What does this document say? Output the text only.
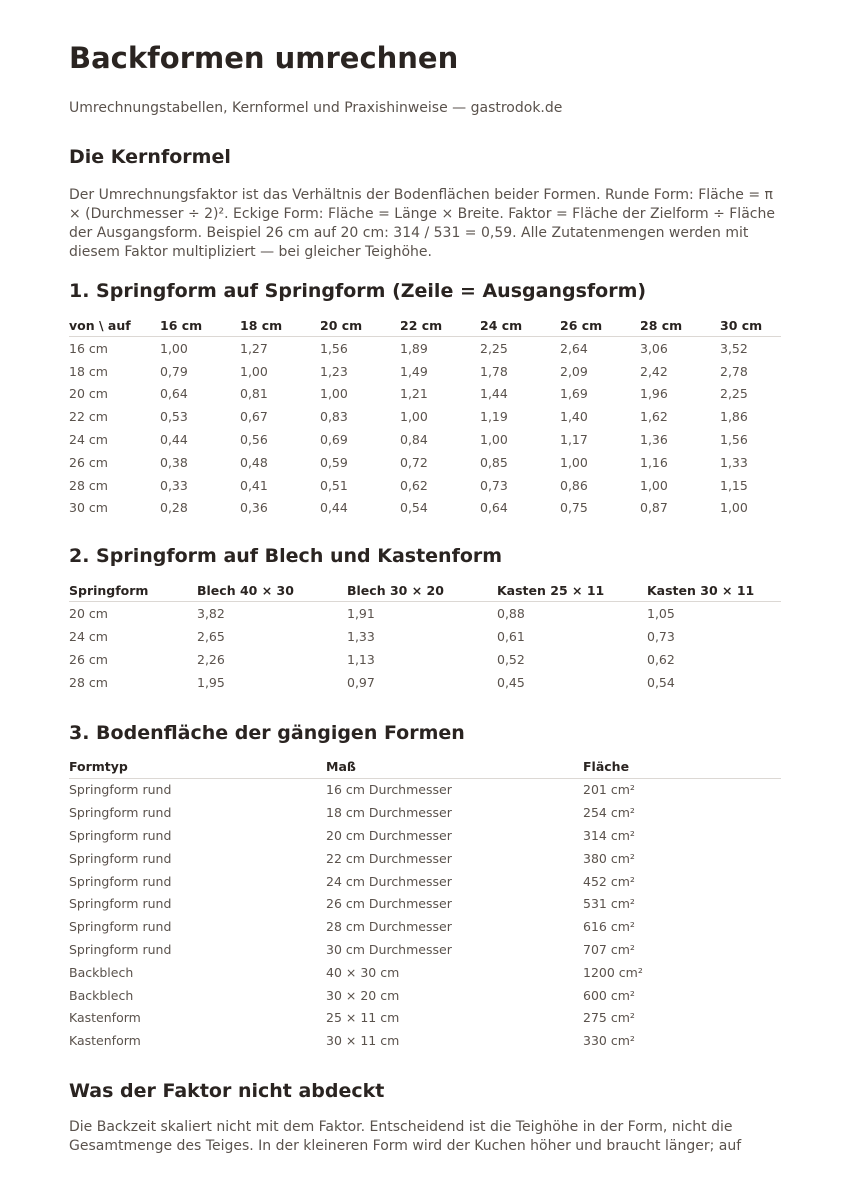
Backformen umrechnen
Umrechnungstabellen, Kernformel und Praxishinweise — gastrodok.de
Die Kernformel

Der Umrechnungsfaktor ist das Verhältnis der Bodenflächen beider Formen. Runde Form: Fläche = π × (Durchmesser ÷ 2)². Eckige Form: Fläche = Länge × Breite. Faktor = Fläche der Zielform ÷ Fläche der Ausgangsform. Beispiel 26 cm auf 20 cm: 314 / 531 = 0,59. Alle Zutatenmengen werden mit diesem Faktor multipliziert — bei gleicher Teighöhe.

1. Springform auf Springform (Zeile = Ausgangsform)
von \ auf	16 cm	18 cm	20 cm	22 cm	24 cm	26 cm	28 cm	30 cm
16 cm	1,00	1,27	1,56	1,89	2,25	2,64	3,06	3,52
18 cm	0,79	1,00	1,23	1,49	1,78	2,09	2,42	2,78
20 cm	0,64	0,81	1,00	1,21	1,44	1,69	1,96	2,25
22 cm	0,53	0,67	0,83	1,00	1,19	1,40	1,62	1,86
24 cm	0,44	0,56	0,69	0,84	1,00	1,17	1,36	1,56
26 cm	0,38	0,48	0,59	0,72	0,85	1,00	1,16	1,33
28 cm	0,33	0,41	0,51	0,62	0,73	0,86	1,00	1,15
30 cm	0,28	0,36	0,44	0,54	0,64	0,75	0,87	1,00
2. Springform auf Blech und Kastenform
Springform	Blech 40 × 30	Blech 30 × 20	Kasten 25 × 11	Kasten 30 × 11
20 cm	3,82	1,91	0,88	1,05
24 cm	2,65	1,33	0,61	0,73
26 cm	2,26	1,13	0,52	0,62
28 cm	1,95	0,97	0,45	0,54
3. Bodenfläche der gängigen Formen
Formtyp	Maß	Fläche
Springform rund	16 cm Durchmesser	201 cm²
Springform rund	18 cm Durchmesser	254 cm²
Springform rund	20 cm Durchmesser	314 cm²
Springform rund	22 cm Durchmesser	380 cm²
Springform rund	24 cm Durchmesser	452 cm²
Springform rund	26 cm Durchmesser	531 cm²
Springform rund	28 cm Durchmesser	616 cm²
Springform rund	30 cm Durchmesser	707 cm²
Backblech	40 × 30 cm	1200 cm²
Backblech	30 × 20 cm	600 cm²
Kastenform	25 × 11 cm	275 cm²
Kastenform	30 × 11 cm	330 cm²
Was der Faktor nicht abdeckt

Die Backzeit skaliert nicht mit dem Faktor. Entscheidend ist die Teighöhe in der Form, nicht die Gesamtmenge des Teiges. In der kleineren Form wird der Kuchen höher und braucht länger; auf
